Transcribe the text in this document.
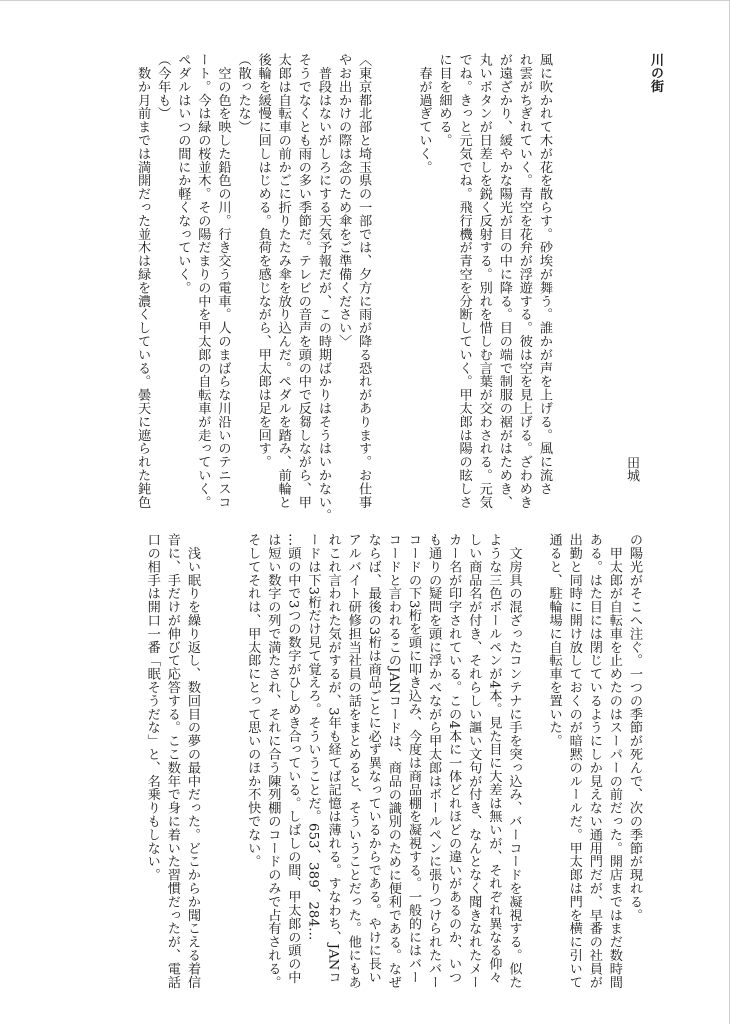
川の街
田城
風に吹かれて木が花を散らす。砂埃が舞う。誰かが声を上げる。風に流さ
れ雲がちぎれていく。青空を花弁が浮遊する。彼は空を見上げる。ざわめき
が遠ざかり、緩やかな陽光が目の中に降る。目の端で制服の裾がはためき、
丸いボタンが日差しを鋭く反射する。別れを惜しむ言葉が交わされる。元気
でね。きっと元気でね。飛行機が青空を分断していく。甲太郎は陽の眩しさ
に目を細める。
　春が過ぎていく。

〈東京都北部と埼玉県の一部では、夕方に雨が降る恐れがあります。お仕事
やお出かけの際は念のため傘をご準備ください〉
　普段はないがしろにする天気予報だが、この時期ばかりはそうはいかない。
そうでなくとも雨の多い季節だ。テレビの音声を頭の中で反芻しながら、甲
太郎は自転車の前かごに折りたたみ傘を放り込んだ。ペダルを踏み、前輪と
後輪を緩慢に回しはじめる。負荷を感じながら、甲太郎は足を回す。
（散ったな）
　空の色を映した鉛色の川。行き交う電車。人のまばらな川沿いのテニスコ
ート。今は緑の桜並木。その陽だまりの中を甲太郎の自転車が走っていく。
ペダルはいつの間にか軽くなっていく。
（今年も）
　数か月前までは満開だった並木は緑を濃くしている。曇天に遮られた鈍色
の陽光がそこへ注ぐ。一つの季節が死んで、次の季節が現れる。
　甲太郎が自転車を止めたのはスーパーの前だった。開店まではまだ数時間
ある。はた目には閉じているようにしか見えない通用門だが、早番の社員が
出勤と同時に開け放しておくのが暗黙のルールだ。甲太郎は門を横に引いて
通ると、駐輪場に自転車を置いた。

　文房具の混ざったコンテナに手を突っ込み、バーコードを凝視する。似た
ような三色ボールペンが4本。見た目に大差は無いが、それぞれ異なる仰々
しい商品名が付き、それらしい謳い文句が付き、なんとなく聞きなれたメー
カー名が印字されている。この4本に一体どれほどの違いがあるのか、いつ
も通りの疑問を頭に浮かべながら甲太郎はボールペンに張りつけられたバー
コードの下3桁を頭に叩き込み、今度は商品棚を凝視する。一般的にはバー
コードと言われるこのJANコードは、商品の識別のために便利である。なぜ
ならば、最後の3桁は商品ごとに必ず異なっているからである。やけに長い
アルバイト研修担当社員の話をまとめると、そういうことだった。他にもあ
れこれ言われた気がするが、3年も経てば記憶は薄れる。すなわち、JANコ
ードは下3桁だけ見て覚えろ。そういうことだ。653、389、284…
…頭の中で3つの数字がひしめき合っている。しばしの間、甲太郎の頭の中
は短い数字の列で満たされ、それに合う陳列棚のコードのみで占有される。
そしてそれは、甲太郎にとって思いのほか不快でない。

　浅い眠りを繰り返し、数回目の夢の最中だった。どこからか聞こえる着信
音に、手だけが伸びて応答する。ここ数年で身に着いた習慣だったが、電話
口の相手は開口一番「眠そうだな」と、名乗りもしない。
